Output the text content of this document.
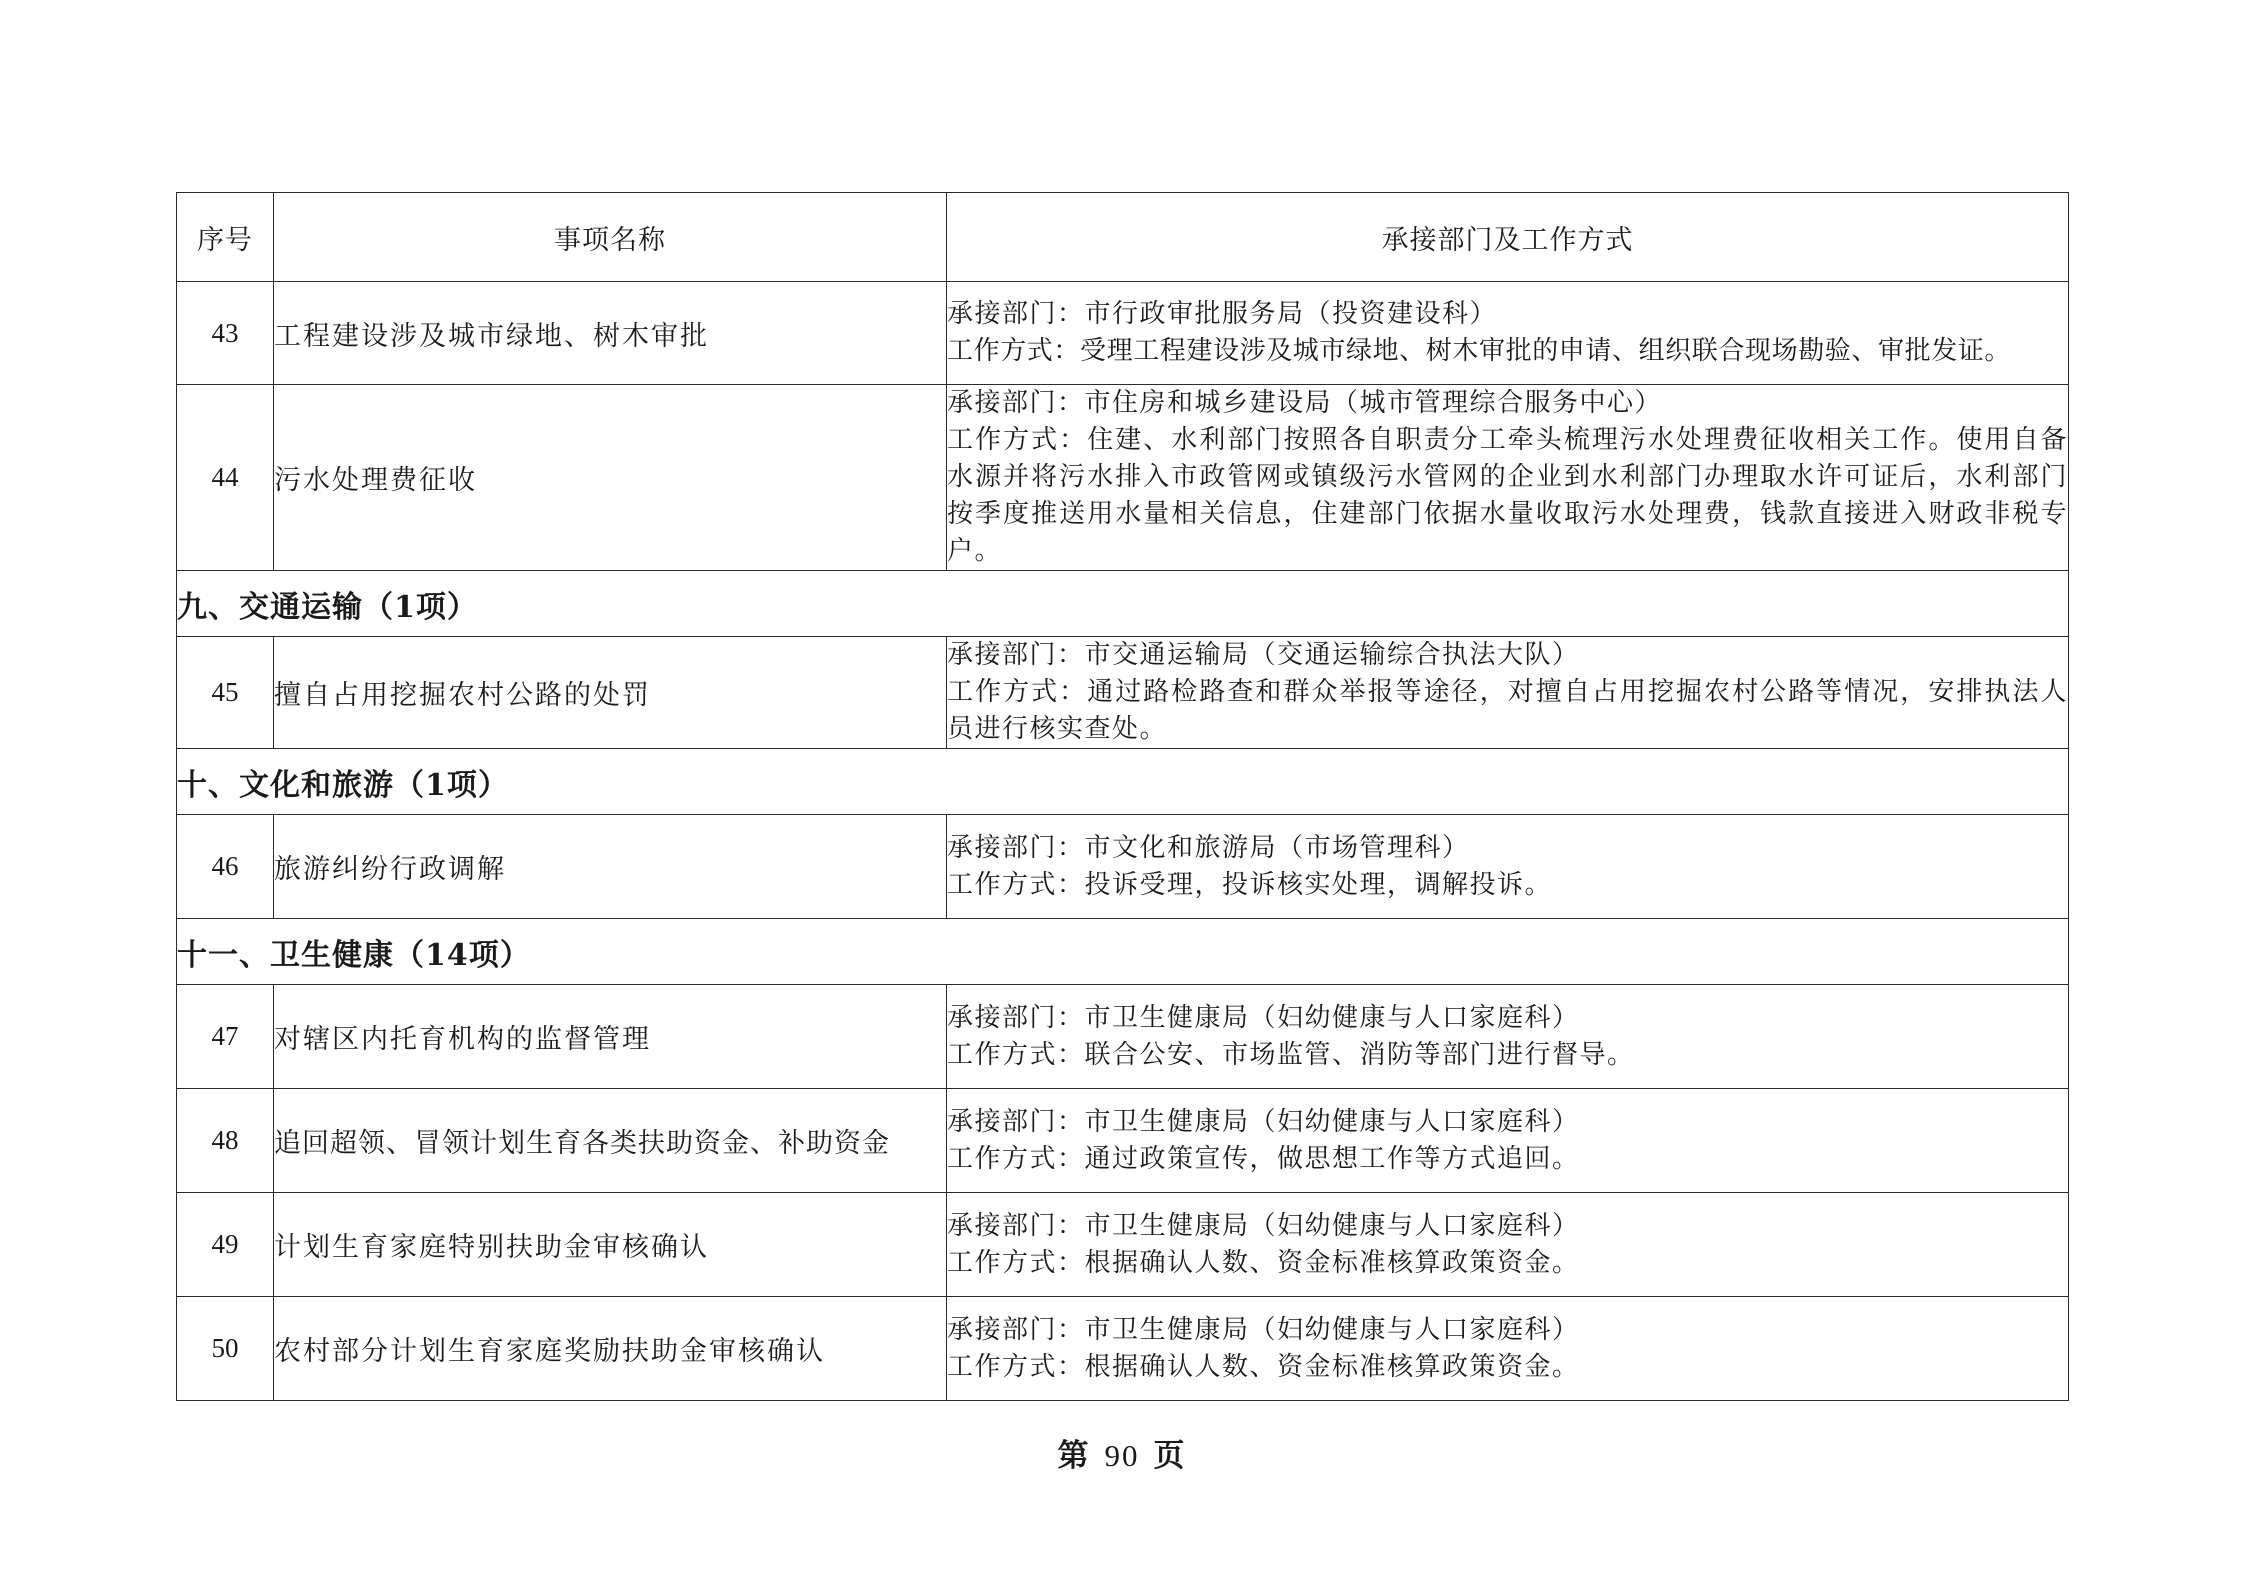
序号	事项名称	承接部门及工作方式
43	工程建设涉及城市绿地、树木审批	承接部门：市行政审批服务局（投资建设科）
工作方式：受理工程建设涉及城市绿地、树木审批的申请、组织联合现场勘验、审批发证。

44	污水处理费征收	承接部门：市住房和城乡建设局（城市管理综合服务中心）
工作方式：住建、水利部门按照各自职责分工牵头梳理污水处理费征收相关工作。使用自备水源并将污水排入市政管网或镇级污水管网的企业到水利部门办理取水许可证后，水利部门按季度推送用水量相关信息，住建部门依据水量收取污水处理费，钱款直接进入财政非税专户。

九、交通运输（1项）		
45	擅自占用挖掘农村公路的处罚	承接部门：市交通运输局（交通运输综合执法大队）
工作方式：通过路检路查和群众举报等途径，对擅自占用挖掘农村公路等情况，安排执法人员进行核实查处。

十、文化和旅游（1项）		
46	旅游纠纷行政调解	承接部门：市文化和旅游局（市场管理科）
工作方式：投诉受理，投诉核实处理，调解投诉。

十一、卫生健康（14项）		
47	对辖区内托育机构的监督管理	承接部门：市卫生健康局（妇幼健康与人口家庭科）
工作方式：联合公安、市场监管、消防等部门进行督导。

48	追回超领、冒领计划生育各类扶助资金、补助资金	承接部门：市卫生健康局（妇幼健康与人口家庭科）
工作方式：通过政策宣传，做思想工作等方式追回。

49	计划生育家庭特别扶助金审核确认	承接部门：市卫生健康局（妇幼健康与人口家庭科）
工作方式：根据确认人数、资金标准核算政策资金。

50	农村部分计划生育家庭奖励扶助金审核确认	承接部门：市卫生健康局（妇幼健康与人口家庭科）
工作方式：根据确认人数、资金标准核算政策资金。
第 90 页
